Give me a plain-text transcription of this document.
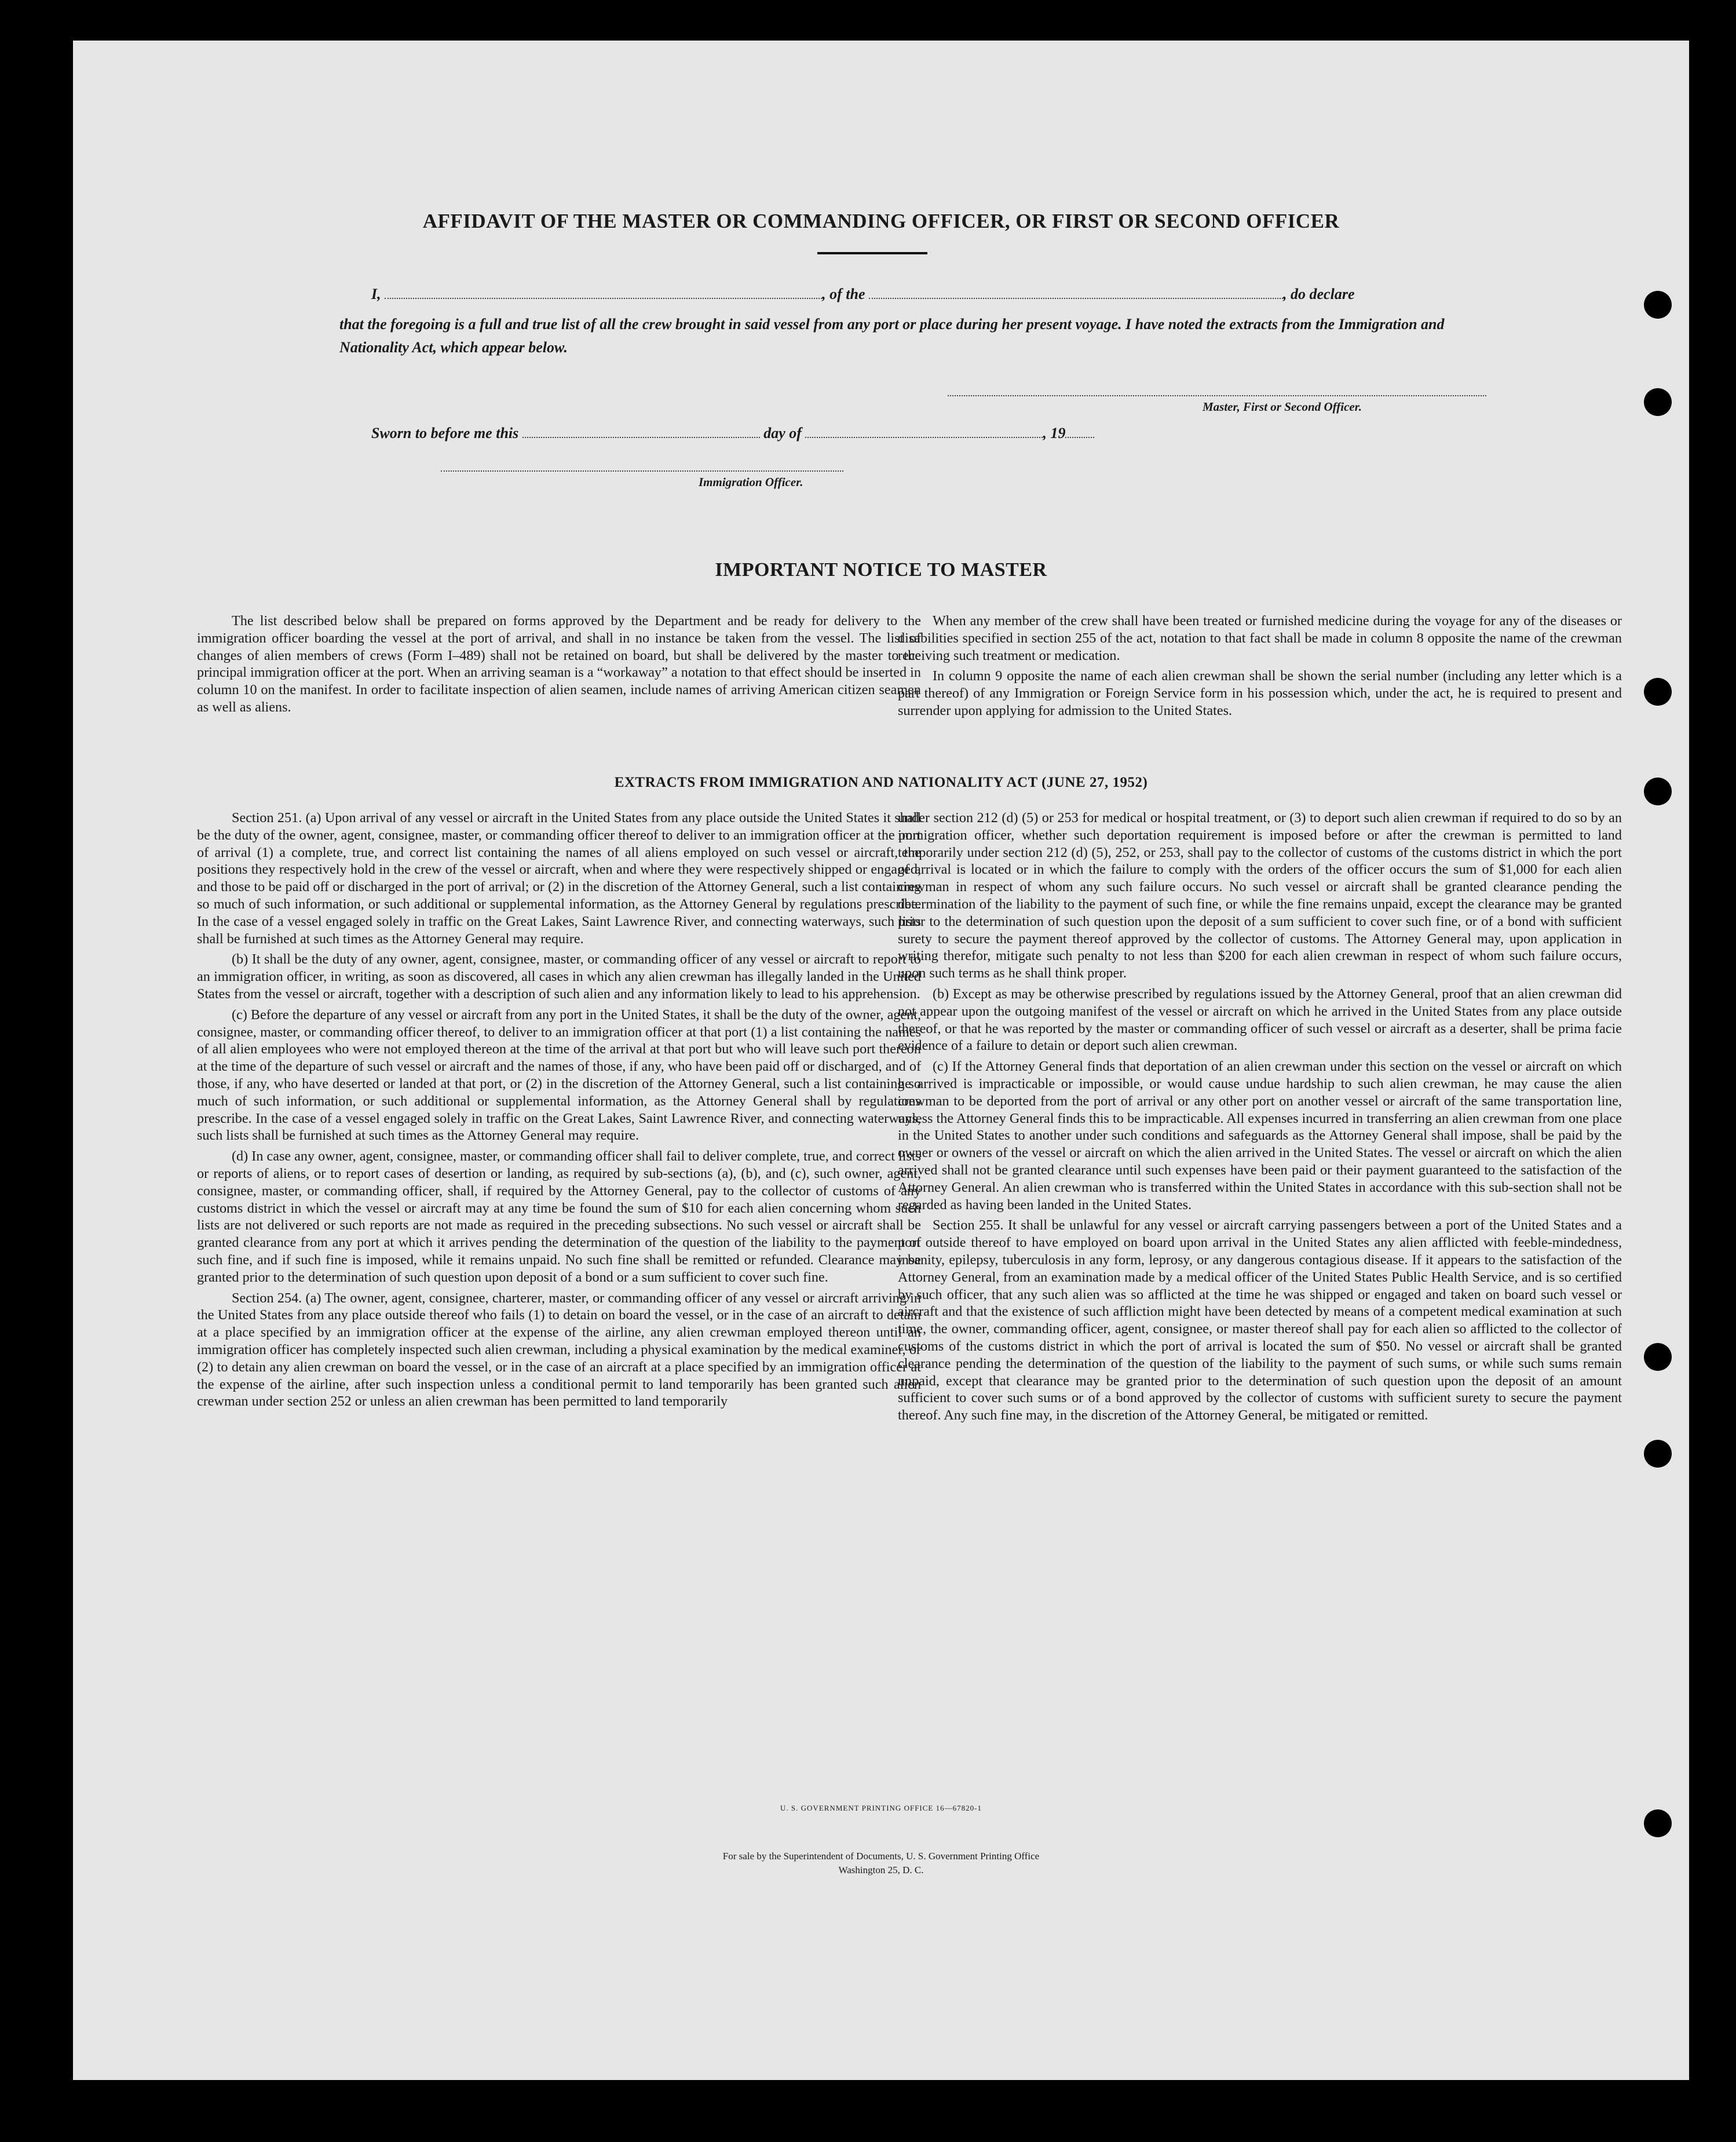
AFFIDAVIT OF THE MASTER OR COMMANDING OFFICER, OR FIRST OR SECOND OFFICER
I,	, of the	, do declare
that the foregoing is a full and true list of all the crew brought in said vessel from any port or place during her present voyage. I have noted the extracts from the Immigration and Nationality Act, which appear below.
Master, First or Second Officer.
Sworn to before me this	day of	, 19
Immigration Officer.
IMPORTANT NOTICE TO MASTER

The list described below shall be prepared on forms approved by the Department and be ready for delivery to the immigration officer boarding the vessel at the port of arrival, and shall in no instance be taken from the vessel. The list of changes of alien members of crews (Form I–489) shall not be retained on board, but shall be delivered by the master to the principal immigration officer at the port. When an arriving seaman is a “workaway” a notation to that effect should be inserted in column 10 on the manifest. In order to facilitate inspection of alien seamen, include names of arriving American citizen seamen as well as aliens.

When any member of the crew shall have been treated or furnished medicine during the voyage for any of the diseases or disabilities specified in section 255 of the act, notation to that fact shall be made in column 8 opposite the name of the crewman receiving such treatment or medication.

In column 9 opposite the name of each alien crewman shall be shown the serial number (including any letter which is a part thereof) of any Immigration or Foreign Service form in his possession which, under the act, he is required to present and surrender upon applying for admission to the United States.

EXTRACTS FROM IMMIGRATION AND NATIONALITY ACT (JUNE 27, 1952)

Section 251. (a) Upon arrival of any vessel or aircraft in the United States from any place outside the United States it shall be the duty of the owner, agent, consignee, master, or commanding officer thereof to deliver to an immigration officer at the port of arrival (1) a complete, true, and correct list containing the names of all aliens employed on such vessel or aircraft, the positions they respectively hold in the crew of the vessel or aircraft, when and where they were respectively shipped or engaged, and those to be paid off or discharged in the port of arrival; or (2) in the discretion of the Attorney General, such a list containing so much of such information, or such additional or supplemental information, as the Attorney General by regulations prescribe. In the case of a vessel engaged solely in traffic on the Great Lakes, Saint Lawrence River, and connecting waterways, such lists shall be furnished at such times as the Attorney General may require.

(b) It shall be the duty of any owner, agent, consignee, master, or commanding officer of any vessel or aircraft to report to an immigration officer, in writing, as soon as discovered, all cases in which any alien crewman has illegally landed in the United States from the vessel or aircraft, together with a description of such alien and any information likely to lead to his apprehension.

(c) Before the departure of any vessel or aircraft from any port in the United States, it shall be the duty of the owner, agent, consignee, master, or commanding officer thereof, to deliver to an immigration officer at that port (1) a list containing the names of all alien employees who were not employed thereon at the time of the arrival at that port but who will leave such port thereon at the time of the departure of such vessel or aircraft and the names of those, if any, who have been paid off or discharged, and of those, if any, who have deserted or landed at that port, or (2) in the discretion of the Attorney General, such a list containing so much of such information, or such additional or supplemental information, as the Attorney General shall by regulations prescribe. In the case of a vessel engaged solely in traffic on the Great Lakes, Saint Lawrence River, and connecting waterways, such lists shall be furnished at such times as the Attorney General may require.

(d) In case any owner, agent, consignee, master, or commanding officer shall fail to deliver complete, true, and correct lists or reports of aliens, or to report cases of desertion or landing, as required by sub-sections (a), (b), and (c), such owner, agent, consignee, master, or commanding officer, shall, if required by the Attorney General, pay to the collector of customs of any customs district in which the vessel or aircraft may at any time be found the sum of $10 for each alien concerning whom such lists are not delivered or such reports are not made as required in the preceding subsections. No such vessel or aircraft shall be granted clearance from any port at which it arrives pending the determination of the question of the liability to the payment of such fine, and if such fine is imposed, while it remains unpaid. No such fine shall be remitted or refunded. Clearance may be granted prior to the determination of such question upon deposit of a bond or a sum sufficient to cover such fine.

Section 254. (a) The owner, agent, consignee, charterer, master, or commanding officer of any vessel or aircraft arriving in the United States from any place outside thereof who fails (1) to detain on board the vessel, or in the case of an aircraft to detain at a place specified by an immigration officer at the expense of the airline, any alien crewman employed thereon until an immigration officer has completely inspected such alien crewman, including a physical examination by the medical examiner, or (2) to detain any alien crewman on board the vessel, or in the case of an aircraft at a place specified by an immigration officer at the expense of the airline, after such inspection unless a conditional permit to land temporarily has been granted such alien crewman under section 252 or unless an alien crewman has been permitted to land temporarily

under section 212 (d) (5) or 253 for medical or hospital treatment, or (3) to deport such alien crewman if required to do so by an immigration officer, whether such deportation requirement is imposed before or after the crewman is permitted to land temporarily under section 212 (d) (5), 252, or 253, shall pay to the collector of customs of the customs district in which the port of arrival is located or in which the failure to comply with the orders of the officer occurs the sum of $1,000 for each alien crewman in respect of whom any such failure occurs. No such vessel or aircraft shall be granted clearance pending the determination of the liability to the payment of such fine, or while the fine remains unpaid, except the clearance may be granted prior to the determination of such question upon the deposit of a sum sufficient to cover such fine, or of a bond with sufficient surety to secure the payment thereof approved by the collector of customs. The Attorney General may, upon application in writing therefor, mitigate such penalty to not less than $200 for each alien crewman in respect of whom such failure occurs, upon such terms as he shall think proper.

(b) Except as may be otherwise prescribed by regulations issued by the Attorney General, proof that an alien crewman did not appear upon the outgoing manifest of the vessel or aircraft on which he arrived in the United States from any place outside thereof, or that he was reported by the master or commanding officer of such vessel or aircraft as a deserter, shall be prima facie evidence of a failure to detain or deport such alien crewman.

(c) If the Attorney General finds that deportation of an alien crewman under this section on the vessel or aircraft on which he arrived is impracticable or impossible, or would cause undue hardship to such alien crewman, he may cause the alien crewman to be deported from the port of arrival or any other port on another vessel or aircraft of the same transportation line, unless the Attorney General finds this to be impracticable. All expenses incurred in transferring an alien crewman from one place in the United States to another under such conditions and safeguards as the Attorney General shall impose, shall be paid by the owner or owners of the vessel or aircraft on which the alien arrived in the United States. The vessel or aircraft on which the alien arrived shall not be granted clearance until such expenses have been paid or their payment guaranteed to the satisfaction of the Attorney General. An alien crewman who is transferred within the United States in accordance with this sub-section shall not be regarded as having been landed in the United States.

Section 255. It shall be unlawful for any vessel or aircraft carrying passengers between a port of the United States and a port outside thereof to have employed on board upon arrival in the United States any alien afflicted with feeble-mindedness, insanity, epilepsy, tuberculosis in any form, leprosy, or any dangerous contagious disease. If it appears to the satisfaction of the Attorney General, from an examination made by a medical officer of the United States Public Health Service, and is so certified by such officer, that any such alien was so afflicted at the time he was shipped or engaged and taken on board such vessel or aircraft and that the existence of such affliction might have been detected by means of a competent medical examination at such time, the owner, commanding officer, agent, consignee, or master thereof shall pay for each alien so afflicted to the collector of customs of the customs district in which the port of arrival is located the sum of $50. No vessel or aircraft shall be granted clearance pending the determination of the question of the liability to the payment of such sums, or while such sums remain unpaid, except that clearance may be granted prior to the determination of such question upon the deposit of an amount sufficient to cover such sums or of a bond approved by the collector of customs with sufficient surety to secure the payment thereof. Any such fine may, in the discretion of the Attorney General, be mitigated or remitted.

U. S. GOVERNMENT PRINTING OFFICE 16—67820-1
For sale by the Superintendent of Documents, U. S. Government Printing Office
Washington 25, D. C.
